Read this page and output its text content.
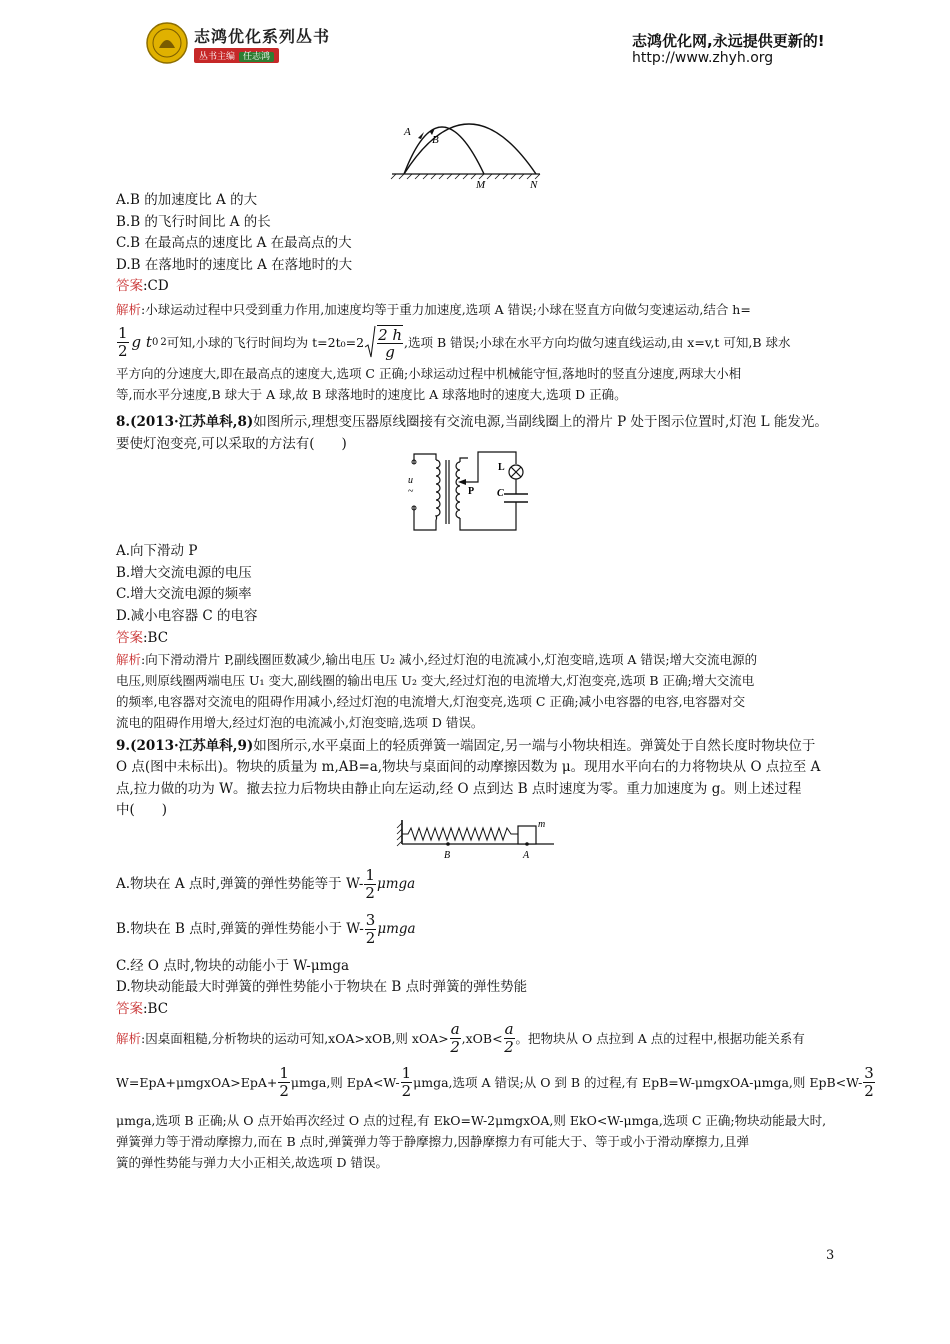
志鸿优化系列丛书
丛书主编 任志鸿
志鸿优化网,永远提供更新的!
http://www.zhyh.org
A
B
M	N
A.B 的加速度比 A 的大
B.B 的飞行时间比 A 的长
C.B 在最高点的速度比 A 在最高点的大
D.B 在落地时的速度比 A 在落地时的大
答案:CD
解析:小球运动过程中只受到重力作用,加速度均等于重力加速度,选项 A 错误;小球在竖直方向做匀变速运动,结合 h=
$\frac{1}{2}$ g t 0 2 可知,小球的飞行时间均为 $t=2t_0=2 \frac{2 h}{g}$ ,选项 B 错误;小球在水平方向均做匀速直线运动,由 x=v,t 可知,B 球水
平方向的分速度大,即在最高点的速度大,选项 C 正确;小球运动过程中机械能守恒,落地时的竖直分速度,两球大小相
等,而水平分速度,B 球大于 A 球,故 B 球落地时的速度比 A 球落地时的速度大,选项 D 正确。
8.(2013·江苏单科,8)如图所示,理想变压器原线圈接有交流电源,当副线圈上的滑片 P 处于图示位置时,灯泡 L 能发光。
要使灯泡变亮,可以采取的方法有(　　)
u
~	P
L
C
A.向下滑动 P
B.增大交流电源的电压
C.增大交流电源的频率
D.减小电容器 C 的电容
答案:BC
解析:向下滑动滑片 P,副线圈匝数减少,输出电压 U₂ 减小,经过灯泡的电流减小,灯泡变暗,选项 A 错误;增大交流电源的
电压,则原线圈两端电压 U₁ 变大,副线圈的输出电压 U₂ 变大,经过灯泡的电流增大,灯泡变亮,选项 B 正确;增大交流电
的频率,电容器对交流电的阻碍作用减小,经过灯泡的电流增大,灯泡变亮,选项 C 正确;减小电容器的电容,电容器对交
流电的阻碍作用增大,经过灯泡的电流减小,灯泡变暗,选项 D 错误。
9.(2013·江苏单科,9)如图所示,水平桌面上的轻质弹簧一端固定,另一端与小物块相连。弹簧处于自然长度时物块位于
O 点(图中未标出)。物块的质量为 m,AB=a,物块与桌面间的动摩擦因数为 μ。现用水平向右的力将物块从 O 点拉至 A
点,拉力做的功为 W。撤去拉力后物块由静止向左运动,经 O 点到达 B 点时速度为零。重力加速度为 g。则上述过程
中(　　)
m
B	A
A.物块在 A 点时,弹簧的弹性势能等于 $W- \frac{1}{2}$ μmga
B.物块在 B 点时,弹簧的弹性势能小于 $W- \frac{3}{2}$ μmga
C.经 O 点时,物块的动能小于 W-μmga
D.物块动能最大时弹簧的弹性势能小于物块在 B 点时弹簧的弹性势能
答案:BC
解析 :因桌面粗糙,分析物块的运动可知,xOA>xOB,则 $xOA> \frac{a}{2} ,xOB< \frac{a}{2}$ 。把物块从 O 点拉到 A 点的过程中,根据功能关系有
W=EpA+μmgxOA>EpA+ $\frac{1}{2} \mu mga$,则 $EpA<W- \frac{1}{2} \mu mga$,选项 A 错误;从 O 到 B 的过程,有 EpB=W-μmgxOA-μmga,则 $EpB<W- \frac{3}{2}$
μmga,选项 B 正确;从 O 点开始再次经过 O 点的过程,有 EkO=W-2μmgxOA,则 EkO<W-μmga,选项 C 正确;物块动能最大时,
弹簧弹力等于滑动摩擦力,而在 B 点时,弹簧弹力等于静摩擦力,因静摩擦力有可能大于、等于或小于滑动摩擦力,且弹
簧的弹性势能与弹力大小正相关,故选项 D 错误。
3
